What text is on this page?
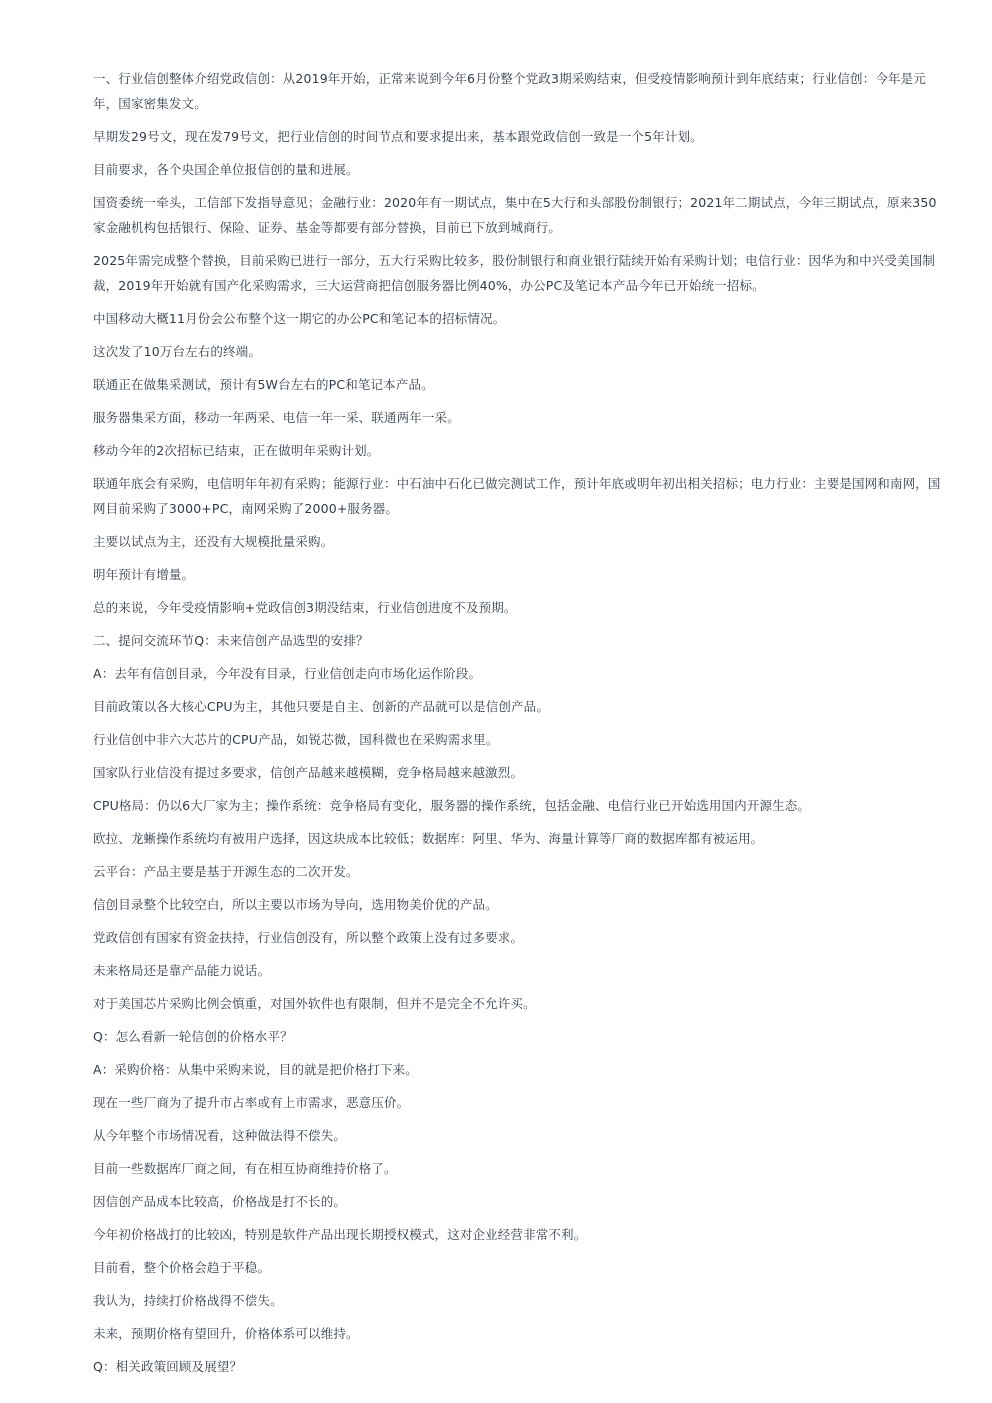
一、行业信创整体介绍党政信创：从2019年开始，正常来说到今年6月份整个党政3期采购结束，但受疫情影响预计到年底结束；行业信创：今年是元年，国家密集发文。

早期发29号文，现在发79号文，把行业信创的时间节点和要求提出来，基本跟党政信创一致是一个5年计划。

目前要求，各个央国企单位报信创的量和进展。

国资委统一牵头，工信部下发指导意见；金融行业：2020年有一期试点，集中在5大行和头部股份制银行；2021年二期试点，今年三期试点，原来350家金融机构包括银行、保险、证券、基金等都要有部分替换，目前已下放到城商行。

2025年需完成整个替换，目前采购已进行一部分，五大行采购比较多，股份制银行和商业银行陆续开始有采购计划；电信行业：因华为和中兴受美国制裁，2019年开始就有国产化采购需求，三大运营商把信创服务器比例40%，办公PC及笔记本产品今年已开始统一招标。

中国移动大概11月份会公布整个这一期它的办公PC和笔记本的招标情况。

这次发了10万台左右的终端。

联通正在做集采测试，预计有5W台左右的PC和笔记本产品。

服务器集采方面，移动一年两采、电信一年一采、联通两年一采。

移动今年的2次招标已结束，正在做明年采购计划。

联通年底会有采购，电信明年年初有采购；能源行业：中石油中石化已做完测试工作，预计年底或明年初出相关招标；电力行业：主要是国网和南网，国网目前采购了3000+PC，南网采购了2000+服务器。

主要以试点为主，还没有大规模批量采购。

明年预计有增量。

总的来说，今年受疫情影响+党政信创3期没结束，行业信创进度不及预期。

二、提问交流环节Q：未来信创产品选型的安排？

A：去年有信创目录，今年没有目录，行业信创走向市场化运作阶段。

目前政策以各大核心CPU为主，其他只要是自主、创新的产品就可以是信创产品。

行业信创中非六大芯片的CPU产品，如锐芯微，国科微也在采购需求里。

国家队行业信没有提过多要求，信创产品越来越模糊，竞争格局越来越激烈。

CPU格局：仍以6大厂家为主；操作系统：竞争格局有变化，服务器的操作系统，包括金融、电信行业已开始选用国内开源生态。

欧拉、龙蜥操作系统均有被用户选择，因这块成本比较低；数据库：阿里、华为、海量计算等厂商的数据库都有被运用。

云平台：产品主要是基于开源生态的二次开发。

信创目录整个比较空白，所以主要以市场为导向，选用物美价优的产品。

党政信创有国家有资金扶持，行业信创没有，所以整个政策上没有过多要求。

未来格局还是靠产品能力说话。

对于美国芯片采购比例会慎重，对国外软件也有限制，但并不是完全不允许买。

Q：怎么看新一轮信创的价格水平？

A：采购价格：从集中采购来说，目的就是把价格打下来。

现在一些厂商为了提升市占率或有上市需求，恶意压价。

从今年整个市场情况看，这种做法得不偿失。

目前一些数据库厂商之间，有在相互协商维持价格了。

因信创产品成本比较高，价格战是打不长的。

今年初价格战打的比较凶，特别是软件产品出现长期授权模式，这对企业经营非常不利。

目前看，整个价格会趋于平稳。

我认为，持续打价格战得不偿失。

未来，预期价格有望回升，价格体系可以维持。

Q：相关政策回顾及展望？
